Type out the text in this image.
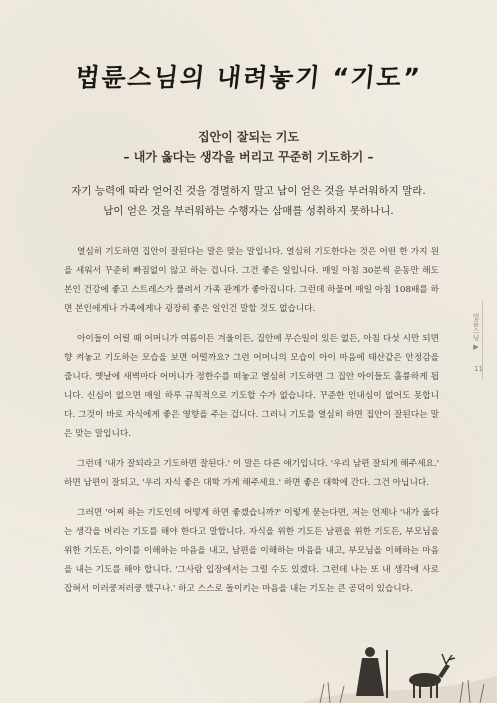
법륜스님의 내려놓기 “기도”
집안이 잘되는 기도
– 내가 옳다는 생각을 버리고 꾸준히 기도하기 –
자기 능력에 따라 얻어진 것을 경멸하지 말고 남이 얻은 것을 부러워하지 말라.
남이 얻은 것을 부러워하는 수행자는 삼매를 성취하지 못하나니.

열심히 기도하면 집안이 잘된다는 말은 맞는 말입니다. 열심히 기도한다는 것은 어떤 한 가지 원을 세워서 꾸준히 빠짐없이 않고 하는 겁니다. 그건 좋은 일입니다. 매일 아침 30분씩 운동만 해도 본인 건강에 좋고 스트레스가 풀려서 가족 관계가 좋아집니다. 그런데 하물며 매일 아침 108배를 하면 본인에게나 가족에게나 굉장히 좋은 일인건 말할 것도 없습니다.

아이들이 어릴 때 어머니가 여름이든 겨울이든, 집안에 무슨일이 있든 없든, 아침 다섯 시만 되면 향 켜놓고 기도하는 모습을 보면 어떨까요? 그런 어머니의 모습이 아이 마음에 태산같은 안정감을 줍니다. 옛날에 새벽마다 어머니가 정한수를 떠놓고 열심히 기도하면 그 집안 아이들도 훌륭하게 됩니다. 신심이 없으면 매일 하루 규칙적으로 기도할 수가 없습니다. 꾸준한 인내심이 없어도 못합니다. 그것이 바로 자식에게 좋은 영향을 주는 겁니다. 그러니 기도를 열심히 하면 집안이 잘된다는 말은 맞는 말입니다.

그런데 '내가 잘되라고 기도하면 잘된다.' 이 말은 다른 얘기입니다. '우리 남편 잘되게 해주세요.' 하면 남편이 잘되고, '우리 자식 좋은 대학 가게 해주세요.' 하면 좋은 대학에 간다. 그건 아닙니다.

그러면 '어찌 하는 기도인데 어떻게 하면 좋겠습니까?' 이렇게 묻는다면, 저는 언제나 '내가 옳다는 생각을 버리는 기도를 해야 한다고 말합니다. 자식을 위한 기도든 남편을 위한 기도든, 부모님을 위한 기도든, 아이를 이해하는 마음을 내고, 남편을 이해하는 마음을 내고, 부모님을 이해하는 마음을 내는 기도를 해야 합니다. '그사람 입장에서는 그럴 수도 있겠다. 그런데 나는 또 내 생각에 사로잡혀서 이러쿵저러쿵 했구나.' 하고 스스로 돌이키는 마음을 내는 기도는 큰 공덕이 있습니다.

법륜스님 ▶
11
